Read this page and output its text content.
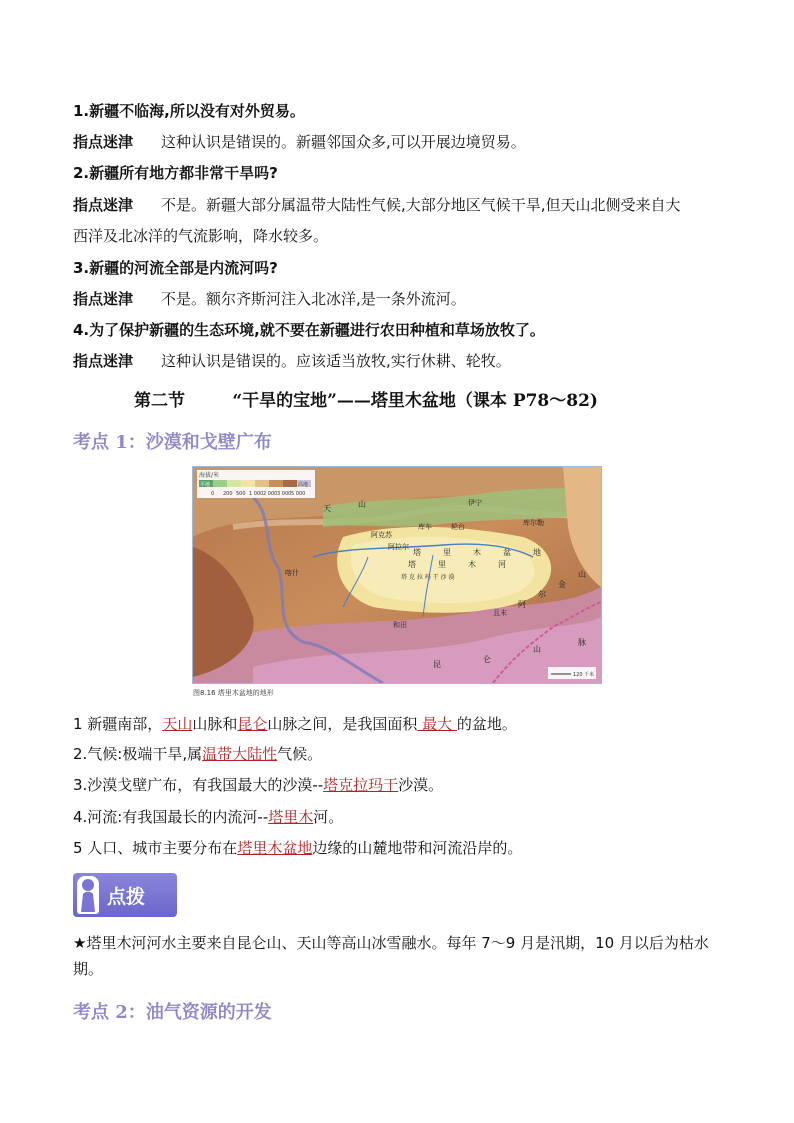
1.新疆不临海,所以没有对外贸易。
指点迷津 这种认识是错误的。新疆邻国众多,可以开展边境贸易。
2.新疆所有地方都非常干旱吗?
指点迷津 不是。新疆大部分属温带大陆性气候,大部分地区气候干旱,但天山北侧受来自大
西洋及北冰洋的气流影响，降水较多。
3.新疆的河流全部是内流河吗?
指点迷津 不是。额尔齐斯河注入北冰洋,是一条外流河。
4.为了保护新疆的生态环境,就不要在新疆进行农田种植和草场放牧了。
指点迷津 这种认识是错误的。应该适当放牧,实行休耕、轮牧。
第二节        “干旱的宝地”——塔里木盆地（课本 P78～82)
考点 1：沙漠和戈壁广布
海拔/米
平地	高地
0 200 500 1 000 2 000 3 000 5 000
伊宁
轮台	库尔勒
库车
阿克苏
阿拉尔
喀什
和田
且末
塔	里	木	盆	地
塔 克 拉 玛 干 沙 漠
塔	里	木	河
阿
尔
金
山
昆
仑
山
脉
天	山
120 千米
图8.16 塔里木盆地的地形
1 新疆南部，天山山脉和昆仑山脉之间，是我国面积 最大 的盆地。
2.气候:极端干旱,属温带大陆性气候。
3.沙漠戈壁广布，有我国最大的沙漠--塔克拉玛干沙漠。
4.河流:有我国最长的内流河--塔里木河。
5 人口、城市主要分布在塔里木盆地边缘的山麓地带和河流沿岸的。
点拨
★塔里木河河水主要来自昆仑山、天山等高山冰雪融水。每年 7～9 月是汛期，10 月以后为枯水期。
考点 2：油气资源的开发
